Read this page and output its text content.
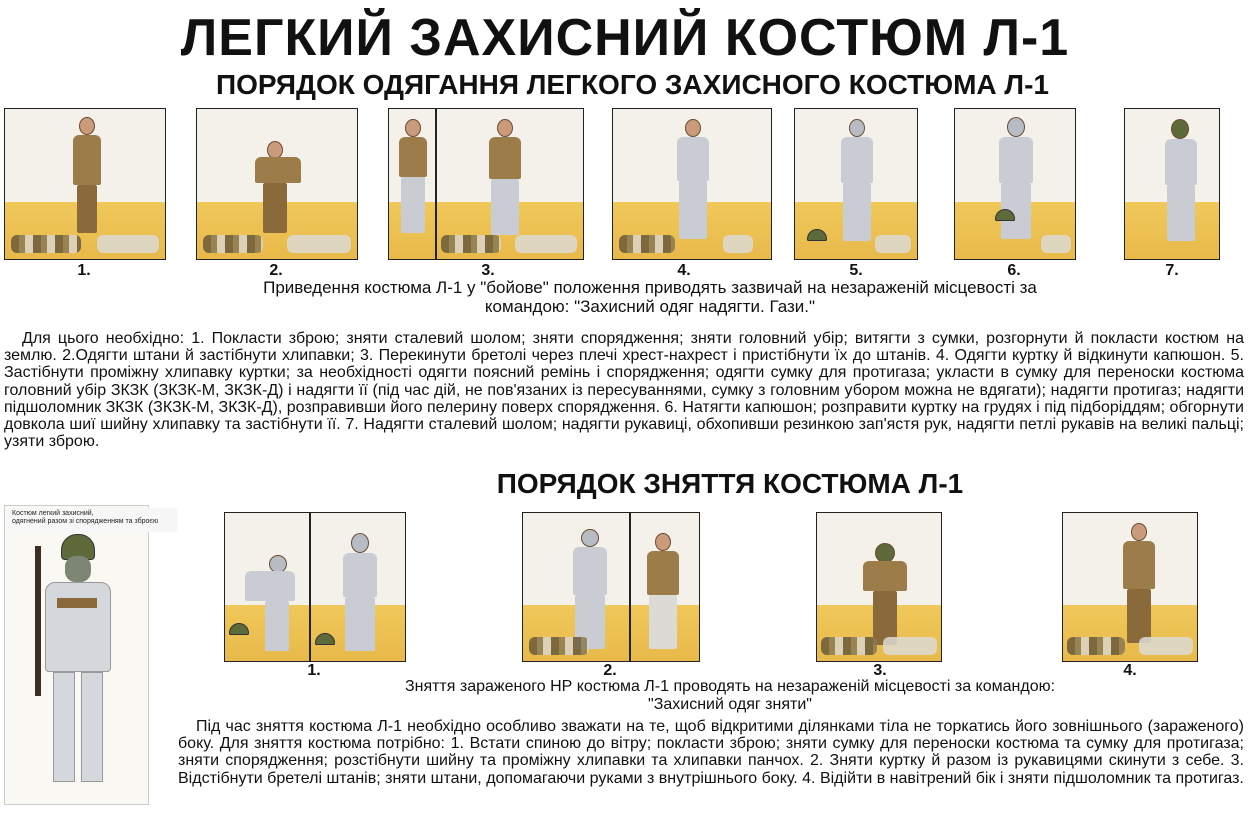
ЛЕГКИЙ ЗАХИСНИЙ КОСТЮМ Л-1
ПОРЯДОК ОДЯГАННЯ ЛЕГКОГО ЗАХИСНОГО КОСТЮМА Л-1
1.	2.	3.	4.	5.	6.	7.
Приведення костюма Л-1 у "бойове" положення приводять зазвичай на незараженій місцевості за
командою: "Захисний одяг надягти. Гази."
Для цього необхідно: 1. Покласти зброю; зняти сталевий шолом; зняти спорядження; зняти головний убір; витягти з сумки, розгорнути й покласти костюм на землю. 2.Одягти штани й застібнути хлипавки; 3. Перекинути бретолі через плечі хрест-нахрест і пристібнути їх до штанів. 4. Одягти куртку й відкинути капюшон. 5. Застібнути проміжну хлипавку куртки; за необхідності одягти поясний ремінь і спорядження; одягти сумку для протигаза; укласти в сумку для переноски костюма головний убір ЗКЗК (ЗКЗК-М, ЗКЗК-Д) і надягти її (під час дій, не пов'язаних із пересуваннями, сумку з головним убором можна не вдягати); надягти протигаз; надягти підшоломник ЗКЗК (ЗКЗК-М, ЗКЗК-Д), розправивши його пелерину поверх спорядження. 6. Натягти капюшон; розправити куртку на грудях і під підборіддям; обгорнути довкола шиї шийну хлипавку та застібнути її. 7. Надягти сталевий шолом; надягти рукавиці, обхопивши резинкою зап'ястя рук, надягти петлі рукавів на великі пальці; узяти зброю.
ПОРЯДОК ЗНЯТТЯ КОСТЮМА Л-1
Костюм легкий захисний,
одягнений разом зі спорядженням та зброєю
1.	2.	3.	4.
Зняття зараженого НР костюма Л-1 проводять на незараженій місцевості за командою:
"Захисний одяг зняти"
Під час зняття костюма Л-1 необхідно особливо зважати на те, щоб відкритими ділянками тіла не торкатись його зовнішнього (зараженого) боку. Для зняття костюма потрібно: 1. Встати спиною до вітру; покласти зброю; зняти сумку для переноски костюма та сумку для протигаза; зняти спорядження; розстібнути шийну та проміжну хлипавки та хлипавки панчох. 2. Зняти куртку й разом із рукавицями скинути з себе. 3. Відстібнути бретелі штанів; зняти штани, допомагаючи руками з внутрішнього боку. 4. Відійти в навітрений бік і зняти підшоломник та протигаз.
